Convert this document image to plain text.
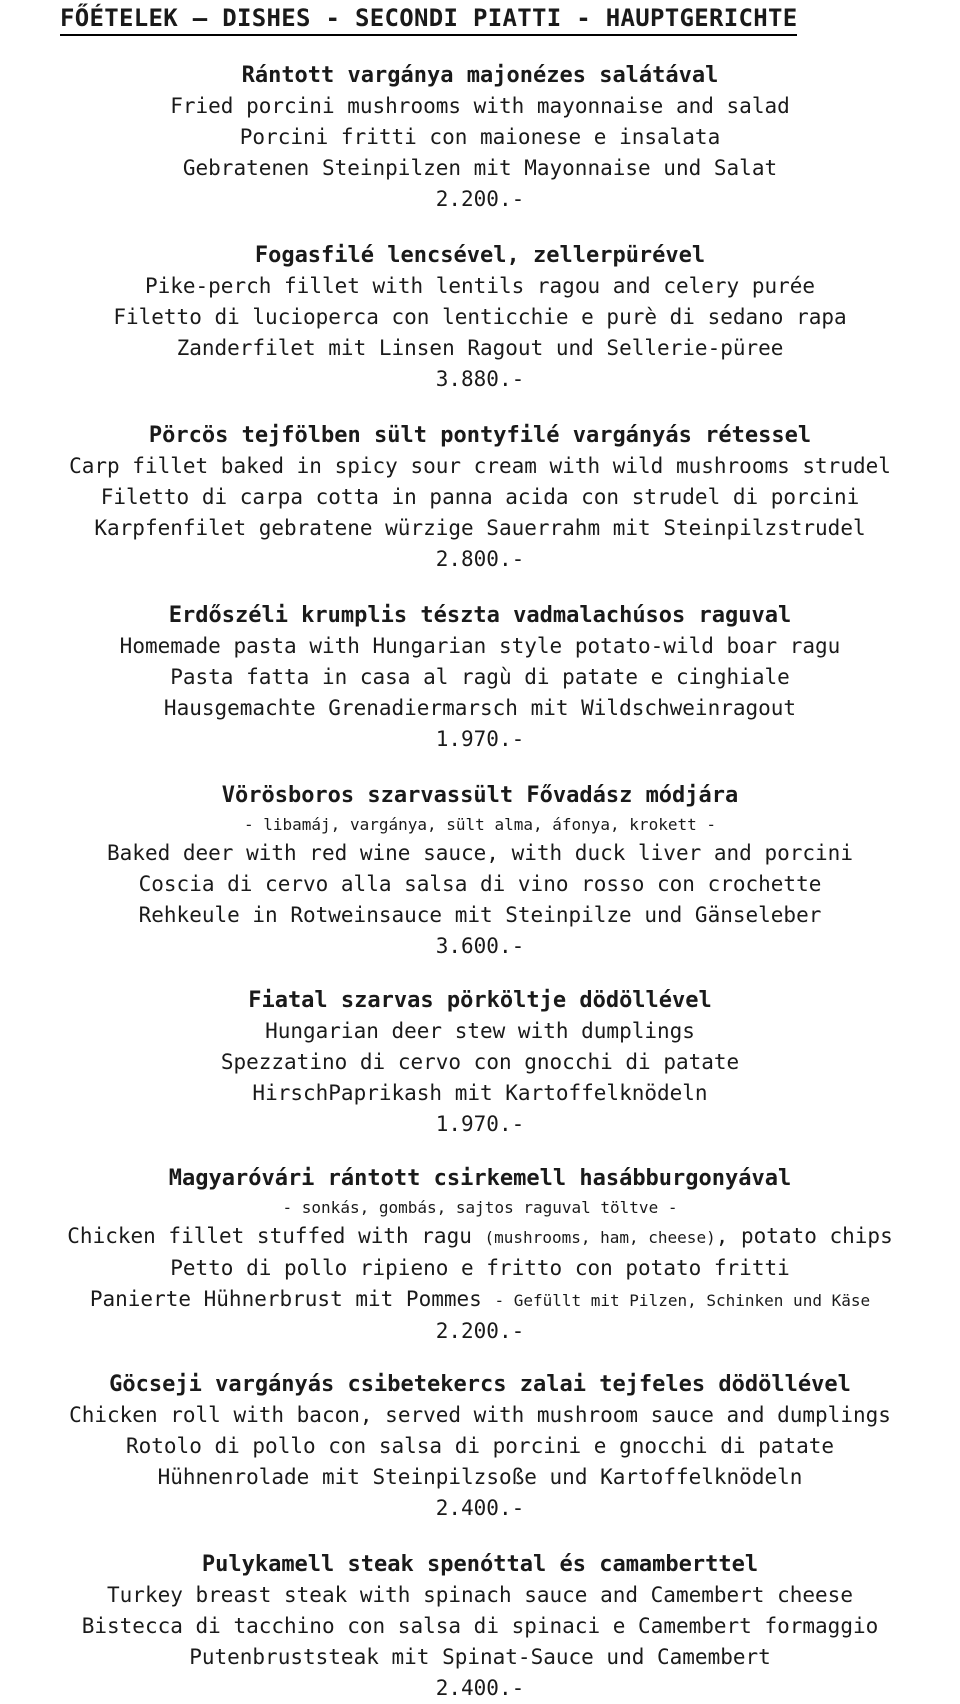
FŐÉTELEK – DISHES - SECONDI PIATTI - HAUPTGERICHTE

Rántott vargánya majonézes salátával

Fried porcini mushrooms with mayonnaise and salad

Porcini fritti con maionese e insalata

Gebratenen Steinpilzen mit Mayonnaise und Salat

2.200.-

Fogasfilé lencsével, zellerpürével

Pike-perch fillet with lentils ragou and celery purée

Filetto di lucioperca con lenticchie e purè di sedano rapa

Zanderfilet mit Linsen Ragout und Sellerie-püree

3.880.-

Pörcös tejfölben sült pontyfilé vargányás rétessel

Carp fillet baked in spicy sour cream with wild mushrooms strudel

Filetto di carpa cotta in panna acida con strudel di porcini

Karpfenfilet gebratene würzige Sauerrahm mit Steinpilzstrudel

2.800.-

Erdőszéli krumplis tészta vadmalachúsos raguval

Homemade pasta with Hungarian style potato-wild boar ragu

Pasta fatta in casa al ragù di patate e cinghiale

Hausgemachte Grenadiermarsch mit Wildschweinragout

1.970.-

Vörösboros szarvassült Fővadász módjára

- libamáj, vargánya, sült alma, áfonya, krokett -

Baked deer with red wine sauce, with duck liver and porcini

Coscia di cervo alla salsa di vino rosso con crochette

Rehkeule in Rotweinsauce mit Steinpilze und Gänseleber

3.600.-

Fiatal szarvas pörköltje dödöllével

Hungarian deer stew with dumplings

Spezzatino di cervo con gnocchi di patate

HirschPaprikash mit Kartoffelknödeln

1.970.-

Magyaróvári rántott csirkemell hasábburgonyával

- sonkás, gombás, sajtos raguval töltve -

Chicken fillet stuffed with ragu (mushrooms, ham, cheese), potato chips

Petto di pollo ripieno e fritto con potato fritti

Panierte Hühnerbrust mit Pommes - Gefüllt mit Pilzen, Schinken und Käse

2.200.-

Göcseji vargányás csibetekercs zalai tejfeles dödöllével

Chicken roll with bacon, served with mushroom sauce and dumplings

Rotolo di pollo con salsa di porcini e gnocchi di patate

Hühnenrolade mit Steinpilzsoße und Kartoffelknödeln

2.400.-

Pulykamell steak spenóttal és camamberttel

Turkey breast steak with spinach sauce and Camembert cheese

Bistecca di tacchino con salsa di spinaci e Camembert formaggio

Putenbruststeak mit Spinat-Sauce und Camembert

2.400.-
